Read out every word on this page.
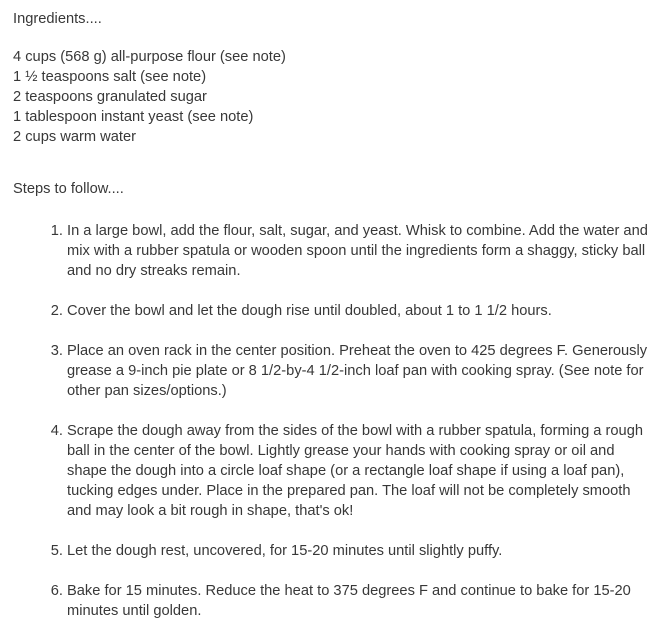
Ingredients....

4 cups (568 g) all-purpose flour (see note)
1 ½ teaspoons salt (see note)
2 teaspoons granulated sugar
1 tablespoon instant yeast (see note)
2 cups warm water

Steps to follow....

1. In a large bowl, add the flour, salt, sugar, and yeast. Whisk to combine. Add the water and mix with a rubber spatula or wooden spoon until the ingredients form a shaggy, sticky ball and no dry streaks remain.
2. Cover the bowl and let the dough rise until doubled, about 1 to 1 1/2 hours.
3. Place an oven rack in the center position. Preheat the oven to 425 degrees F. Generously grease a 9-inch pie plate or 8 1/2-by-4 1/2-inch loaf pan with cooking spray. (See note for other pan sizes/options.)
4. Scrape the dough away from the sides of the bowl with a rubber spatula, forming a rough ball in the center of the bowl. Lightly grease your hands with cooking spray or oil and shape the dough into a circle loaf shape (or a rectangle loaf shape if using a loaf pan), tucking edges under. Place in the prepared pan. The loaf will not be completely smooth and may look a bit rough in shape, that's ok!
5. Let the dough rest, uncovered, for 15-20 minutes until slightly puffy.
6. Bake for 15 minutes. Reduce the heat to 375 degrees F and continue to bake for 15-20 minutes until golden.
